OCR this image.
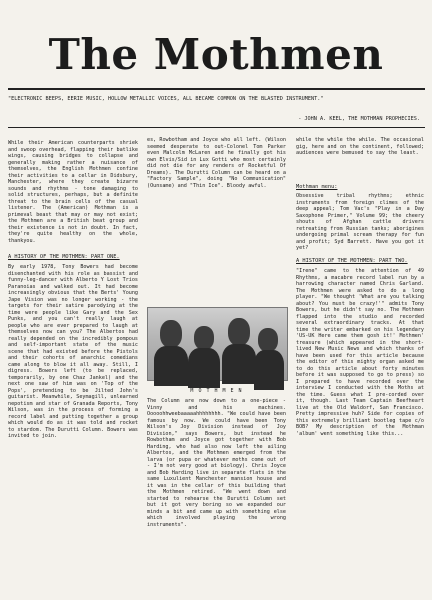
The Mothmen
"ELECTRONIC BEEPS, EERIE MUSIC, HOLLOW METALLIC VOICES, ALL BECAME COMMON ON THE BLASTED INSTRUMENT."
- JOHN A. KEEL, THE MOTHMAN PROPHECIES.
While their American counterparts shriek and swoop overhead, flapping their batlike wings, causing bridges to collapse and generally making rather a nuisance of themselves, the English Mothmen confine their activities to a cellar in Didsbury, Manchester, where they create bizarre sounds and rhythms - tone damaging to solid structures, perhaps, but a definite threat to the brain cells of the casual listener. The (American) Mothman is a primeval beast that may or may not exist; the Mothmen are a British beat group and their existence is not in doubt. In fact, they're quite healthy on the whole, thankyou.
A HISTORY OF THE MOTHMEN: PART ONE.
By early 1978, Tony Bowers had become disenchanted with his role as bassist and funny-leg-dancer with Alberto Y Lost Trios Paranoias and walked out. It had become increasingly obvious that the Berts' Young Jape Vision was no longer working - the targets for their satire parodying at the time were people like Gary and the Sex Punks, and you can't really laugh at people who are ever prepared to laugh at themselves now can you? The Albertos had really depended on the incredibly pompous and self-important state of the music scene that had existed before the Pistols and their cohorts of anarchic comedians came along to blow it all away. Still, I digress. Bowers left (to be replaced, temporarily, by one Chaz Jankel) and the next one saw of him was on 'Top of the Pops', pretending to be Jilted John's guitarist. Meanwhile, Seymagill, unlearned nepotism and star of Granada Reports, Tony Wilson, was in the process of forming a record label and putting together a group which would do as it was told and rocket to stardom. The Durutti Column. Bowers was invited to join.
es, Rowbotham and Joyce who all left. (Wilson seemed desperate to out-Colonel Tom Parker even Malcolm McLaren and he finally got his own Elvis/Sid in Lux Gotti who most certainly did not die for any renders of Rocketful Of Dreams). The Durutti Column can be heard on a "Factory Sample", doing "No Communication" (Ounsame) and "Thin Ice". Bloody awful.
M O T H M E N
The Column are now down to a one-piece - Vinny and his machines. Ooooohhweebaaaaahhhhhhhh. "We could have been famous by now. We could have been Tony Wilson's Joy Division instead of Joy Division," says Bowers, but instead he Rowbotham and Joyce got together with Bob Harding, who had also now left the ailing Albertos, and the Mothmen emerged from the larva (or pupa or whatever moths come out of - I'm not very good at biology). Chris Joyce and Bob Harding live in separate flats in the same Luxulient Manchester mansion house and it was in the cellar of this building that the Mothmen retired. "We went down and started to rehearse the Durutti Column set but it got very boring so we expanded our minds a bit and came up with something else which involved playing the wrong instruments".
while the while the while. The occasional gig, here and on the continent, followed; audiences were bemused to say the least.
Mothman menu:
Obsessive tribal rhythms; ethnic instruments from foreign climes of the deep appeal; Tom Vac's "Play in a Day Saxophone Primer," Volume 99; the cheery shouts of Afghan cattle drivers retreating from Russian tanks; aborigines undergoing primal scream therapy for fun and profit; Syd Barrett. Have you got it yet?
A HISTORY OF THE MOTHMEN: PART TWO.
"Irene" came to the attention of 49 Rhythms, a macabre record label run by a harrowing character named Chris Garland. The Mothmen were asked to do a long player. "We thought 'What are you talking about? You must be crazy!'" admits Tony Bowers, but he didn't say no. The Mothmen flapped into the studio and recorded several extraordinary tracks. At that time the writer embarked on his legendary 'US-UK Here came them gosh it!' Mothmen' treasure (which appeared in the short-lived New Music News and which thanks of have been used for this article because the editor of this mighty organ asked me to do this article about forty minutes before it was supposed to go to press) so I prepared to have recorded over the interview I conducted with the Moths at the time. Guess what I pre-corded over it, though. Last Team Captain Beefheart live at the Old Waldorf, San Francisco. Pretty impressive huh? Side for copies of this extremely brilliant bootleg tape c/o BOB? My description of the Mothman 'album' went something like this...
